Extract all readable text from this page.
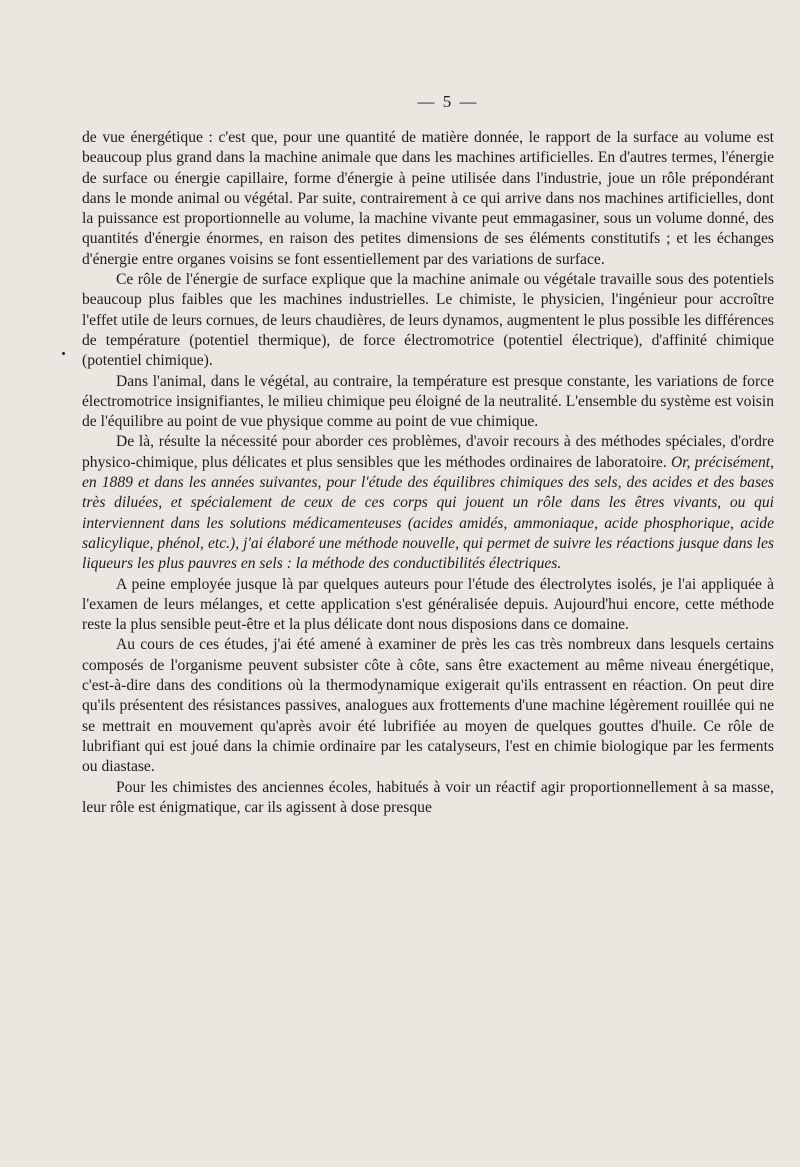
— 5 —

de vue énergétique : c'est que, pour une quantité de matière donnée, le rapport de la surface au volume est beaucoup plus grand dans la machine animale que dans les machines artificielles. En d'autres termes, l'énergie de surface ou énergie capillaire, forme d'énergie à peine utilisée dans l'industrie, joue un rôle prépondérant dans le monde animal ou végétal. Par suite, contrairement à ce qui arrive dans nos machines artificielles, dont la puissance est proportionnelle au volume, la machine vivante peut emmagasiner, sous un volume donné, des quantités d'énergie énormes, en raison des petites dimensions de ses éléments constitutifs ; et les échanges d'énergie entre organes voisins se font essentiellement par des variations de surface.

Ce rôle de l'énergie de surface explique que la machine animale ou végétale travaille sous des potentiels beaucoup plus faibles que les machines industrielles. Le chimiste, le physicien, l'ingénieur pour accroître l'effet utile de leurs cornues, de leurs chaudières, de leurs dynamos, augmentent le plus possible les différences de température (potentiel thermique), de force électromotrice (potentiel électrique), d'affinité chimique (potentiel chimique).

Dans l'animal, dans le végétal, au contraire, la température est presque constante, les variations de force électromotrice insignifiantes, le milieu chimique peu éloigné de la neutralité. L'ensemble du système est voisin de l'équilibre au point de vue physique comme au point de vue chimique.

De là, résulte la nécessité pour aborder ces problèmes, d'avoir recours à des méthodes spéciales, d'ordre physico-chimique, plus délicates et plus sensibles que les méthodes ordinaires de laboratoire. Or, précisément, en 1889 et dans les années suivantes, pour l'étude des équilibres chimiques des sels, des acides et des bases très diluées, et spécialement de ceux de ces corps qui jouent un rôle dans les êtres vivants, ou qui interviennent dans les solutions médicamenteuses (acides amidés, ammoniaque, acide phosphorique, acide salicylique, phénol, etc.), j'ai élaboré une méthode nouvelle, qui permet de suivre les réactions jusque dans les liqueurs les plus pauvres en sels : la méthode des conductibilités électriques.

A peine employée jusque là par quelques auteurs pour l'étude des électrolytes isolés, je l'ai appliquée à l'examen de leurs mélanges, et cette application s'est généralisée depuis. Aujourd'hui encore, cette méthode reste la plus sensible peut-être et la plus délicate dont nous disposions dans ce domaine.

Au cours de ces études, j'ai été amené à examiner de près les cas très nombreux dans lesquels certains composés de l'organisme peuvent subsister côte à côte, sans être exactement au même niveau énergétique, c'est-à-dire dans des conditions où la thermodynamique exigerait qu'ils entrassent en réaction. On peut dire qu'ils présentent des résistances passives, analogues aux frottements d'une machine légèrement rouillée qui ne se mettrait en mouvement qu'après avoir été lubrifiée au moyen de quelques gouttes d'huile. Ce rôle de lubrifiant qui est joué dans la chimie ordinaire par les catalyseurs, l'est en chimie biologique par les ferments ou diastase.

Pour les chimistes des anciennes écoles, habitués à voir un réactif agir proportionnellement à sa masse, leur rôle est énigmatique, car ils agissent à dose presque
